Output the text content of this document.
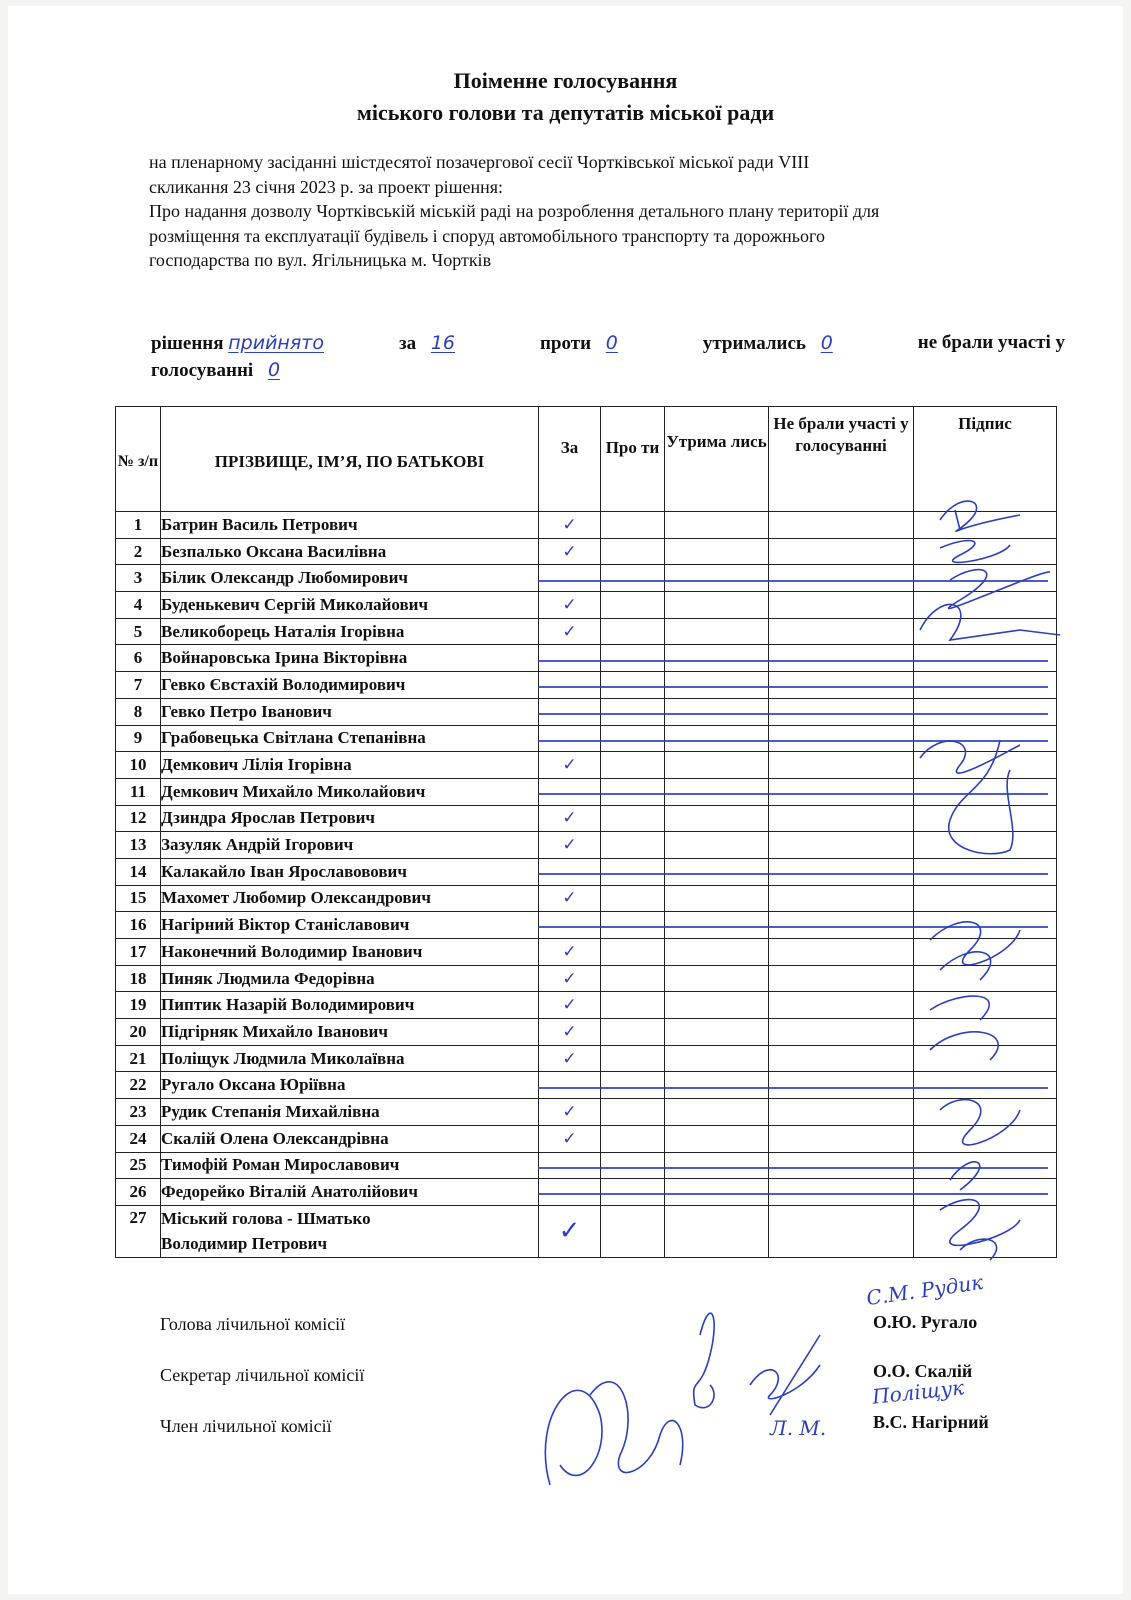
Поіменне голосування
міського голови та депутатів міської ради
на пленарному засіданні шістдесятої позачергової сесії Чортківської міської ради VIII
скликання 23 січня 2023 р. за проект рішення:
Про надання дозволу Чортківській міській раді на розроблення детального плану території для
розміщення та експлуатації будівель і споруд автомобільного транспорту та дорожнього
господарства по вул. Ягільницька м. Чортків
рішення прийнято	за 16	проти 0	утримались 0	не брали участі у
голосуванні 0
№ з/п	ПРІЗВИЩЕ, ІМ’Я, ПО БАТЬКОВІ	За	Про ти	Утрима лись	Не брали участі у голосуванні	Підпис
1	Батрин Василь Петрович	✓				
2	Безпалько Оксана Василівна	✓				
3	Білик Олександр Любомирович					
4	Буденькевич Сергій Миколайович	✓				
5	Великоборець Наталія Ігорівна	✓				
6	Войнаровська Ірина Вікторівна					
7	Гевко Євстахій Володимирович					
8	Гевко Петро Іванович					
9	Грабовецька Світлана Степанівна					
10	Демкович Лілія Ігорівна	✓				
11	Демкович Михайло Миколайович					
12	Дзиндра Ярослав Петрович	✓				
13	Зазуляк Андрій Ігорович	✓				
14	Калакайло Іван Ярославовович					
15	Махомет Любомир Олександрович	✓				
16	Нагірний Віктор Станіславович					
17	Наконечний Володимир Іванович	✓				
18	Пиняк Людмила Федорівна	✓				
19	Пиптик Назарій Володимирович	✓				
20	Підгірняк Михайло Іванович	✓				
21	Поліщук Людмила Миколаївна	✓				
22	Ругало Оксана Юріївна					
23	Рудик Степанія Михайлівна	✓				
24	Скалій Олена Олександрівна	✓				
25	Тимофій Роман Мирославович					
26	Федорейко Віталій Анатолійович					
27	Міський голова - Шматько
Володимир Петрович	✓				
Голова лічильної комісії
Секретар лічильної комісії
Член лічильної комісії
О.Ю. Ругало
О.О. Скалій
В.С. Нагірний
С.М. Рудик
Поліщук
Л. М.
